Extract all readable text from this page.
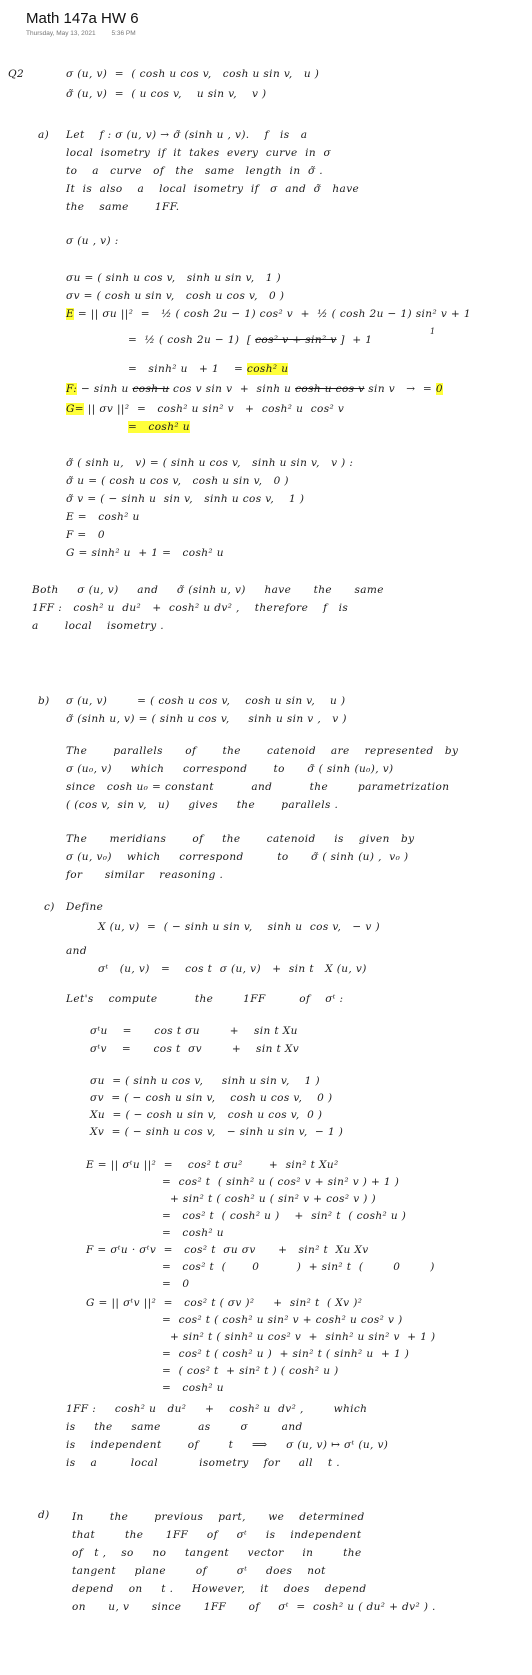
Math 147a HW 6
Thursday, May 13, 2021 5:36 PM
Q2	σ (u, v)  =  ( cosh u cos v,   cosh u sin v,   u )
σ̃ (u, v)  =  ( u cos v,    u sin v,    v )
a) Let    f : σ (u, v) → σ̃ (sinh u , v).    f   is   a
local  isometry  if  it  takes  every  curve  in  σ
to    a   curve   of   the   same   length  in  σ̃ .
It  is  also    a    local  isometry  if   σ  and  σ̃   have
the    same       1FF.
σ (u , v) :
σu = ( sinh u cos v,   sinh u sin v,   1 )
σv = ( cosh u sin v,   cosh u cos v,   0 )
E = || σu ||²  =   ½ ( cosh 2u − 1) cos² v  +  ½ ( cosh 2u − 1) sin² v + 1
1
=  ½ ( cosh 2u − 1)  [ cos² v + sin² v ]  + 1
=   sinh² u   + 1    = cosh² u
F: − sinh u cosh u cos v sin v  +  sinh u cosh u cos v sin v   →  = 0
G= || σv ||²  =   cosh² u sin² v   +  cosh² u  cos² v
= cosh² u
σ̃ ( sinh u,   v) = ( sinh u cos v,   sinh u sin v,   v ) :
σ̃ u = ( cosh u cos v,   cosh u sin v,   0 )
σ̃ v = ( − sinh u  sin v,   sinh u cos v,    1 )
E =   cosh² u
F =   0
G = sinh² u  + 1 =   cosh² u
Both     σ (u, v)     and     σ̃ (sinh u, v)     have      the      same
1FF :   cosh² u  du²   +  cosh² u dv² ,    therefore    f   is
a       local    isometry .
b) σ (u, v)        = ( cosh u cos v,    cosh u sin v,    u )
σ̃ (sinh u, v) = ( sinh u cos v,     sinh u sin v ,   v )
The       parallels      of       the       catenoid    are    represented   by
σ (u₀, v)     which     correspond       to      σ̃ ( sinh (u₀), v)
since   cosh u₀ = constant          and          the        parametrization
( (cos v,  sin v,   u)     gives     the       parallels .
The      meridians       of     the       catenoid     is    given   by
σ (u, v₀)    which     correspond         to      σ̃ ( sinh (u) ,  v₀ )
for      similar    reasoning .
c) Define
X (u, v)  =  ( − sinh u sin v,    sinh u  cos v,   − v )
and
σᵗ   (u, v)   =    cos t  σ (u, v)   +  sin t   X (u, v)
Let's    compute          the        1FF         of    σᵗ :
σᵗu    =      cos t σu        +    sin t Xu
σᵗv    =      cos t  σv        +    sin t Xv
σu  = ( sinh u cos v,     sinh u sin v,    1 )
σv  = ( − cosh u sin v,    cosh u cos v,    0 )
Xu  = ( − cosh u sin v,   cosh u cos v,  0 )
Xv  = ( − sinh u cos v,   − sinh u sin v,  − 1 )
E = || σᵗu ||²  =    cos² t σu²       +  sin² t Xu²
=  cos² t  ( sinh² u ( cos² v + sin² v ) + 1 )
+ sin² t ( cosh² u ( sin² v + cos² v ) )
=   cos² t  ( cosh² u )    +  sin² t  ( cosh² u )
=   cosh² u
F = σᵗu · σᵗv  =   cos² t  σu σv      +   sin² t  Xu Xv
=   cos² t  (       0          )  + sin² t  (        0        )
=   0
G = || σᵗv ||²  =   cos² t ( σv )²     +  sin² t  ( Xv )²
=  cos² t ( cosh² u sin² v + cosh² u cos² v )
+ sin² t ( sinh² u cos² v  +  sinh² u sin² v  + 1 )
=  cos² t ( cosh² u )  + sin² t ( sinh² u  + 1 )
=  ( cos² t  + sin² t ) ( cosh² u )
=   cosh² u
1FF :     cosh² u   du²     +    cosh² u  dv² ,        which
is     the     same          as        σ         and
is    independent       of        t     ⟹     σ (u, v) ↦ σᵗ (u, v)
is    a         local           isometry    for     all    t .
d) In       the       previous    part,      we    determined
that        the      1FF     of     σᵗ     is    independent
of   t ,    so     no     tangent     vector     in        the
tangent     plane        of        σᵗ     does    not
depend    on     t .     However,    it    does    depend
on      u, v      since      1FF      of     σᵗ  =  cosh² u ( du² + dv² ) .
